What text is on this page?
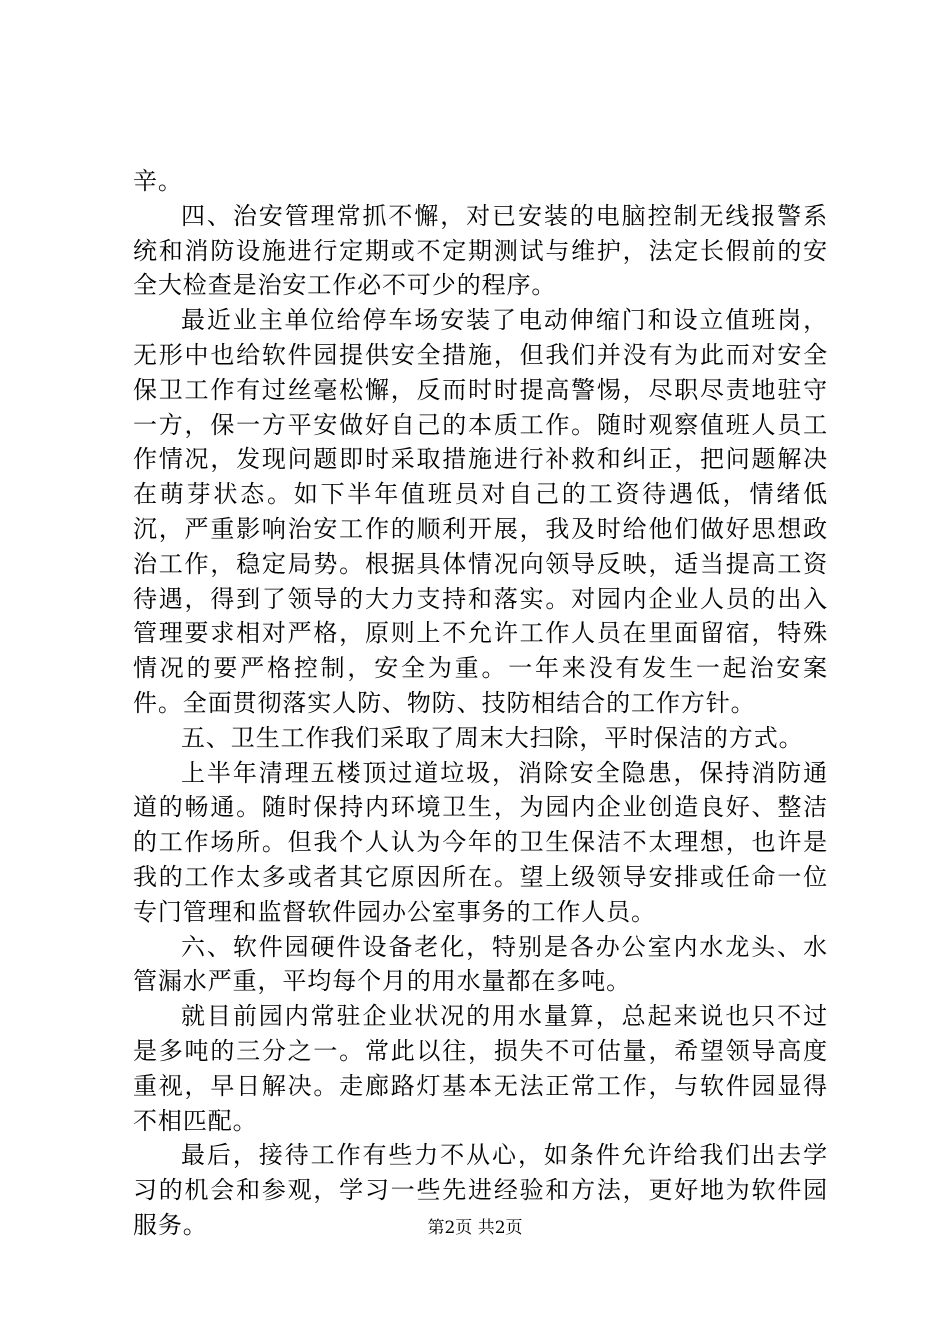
辛。

四、治安管理常抓不懈，对已安装的电脑控制无线报警系统和消防设施进行定期或不定期测试与维护，法定长假前的安全大检查是治安工作必不可少的程序。

最近业主单位给停车场安装了电动伸缩门和设立值班岗，无形中也给软件园提供安全措施，但我们并没有为此而对安全保卫工作有过丝毫松懈，反而时时提高警惕，尽职尽责地驻守一方，保一方平安做好自己的本质工作。随时观察值班人员工作情况，发现问题即时采取措施进行补救和纠正，把问题解决在萌芽状态。如下半年值班员对自己的工资待遇低，情绪低沉，严重影响治安工作的顺利开展，我及时给他们做好思想政治工作，稳定局势。根据具体情况向领导反映，适当提高工资待遇，得到了领导的大力支持和落实。对园内企业人员的出入管理要求相对严格，原则上不允许工作人员在里面留宿，特殊情况的要严格控制，安全为重。一年来没有发生一起治安案件。全面贯彻落实人防、物防、技防相结合的工作方针。

五、卫生工作我们采取了周末大扫除，平时保洁的方式。

上半年清理五楼顶过道垃圾，消除安全隐患，保持消防通道的畅通。随时保持内环境卫生，为园内企业创造良好、整洁的工作场所。但我个人认为今年的卫生保洁不太理想，也许是我的工作太多或者其它原因所在。望上级领导安排或任命一位专门管理和监督软件园办公室事务的工作人员。

六、软件园硬件设备老化，特别是各办公室内水龙头、水管漏水严重，平均每个月的用水量都在多吨。

就目前园内常驻企业状况的用水量算，总起来说也只不过是多吨的三分之一。常此以往，损失不可估量，希望领导高度重视，早日解决。走廊路灯基本无法正常工作，与软件园显得不相匹配。

最后，接待工作有些力不从心，如条件允许给我们出去学习的机会和参观，学习一些先进经验和方法，更好地为软件园服务。	第2页 共2页
